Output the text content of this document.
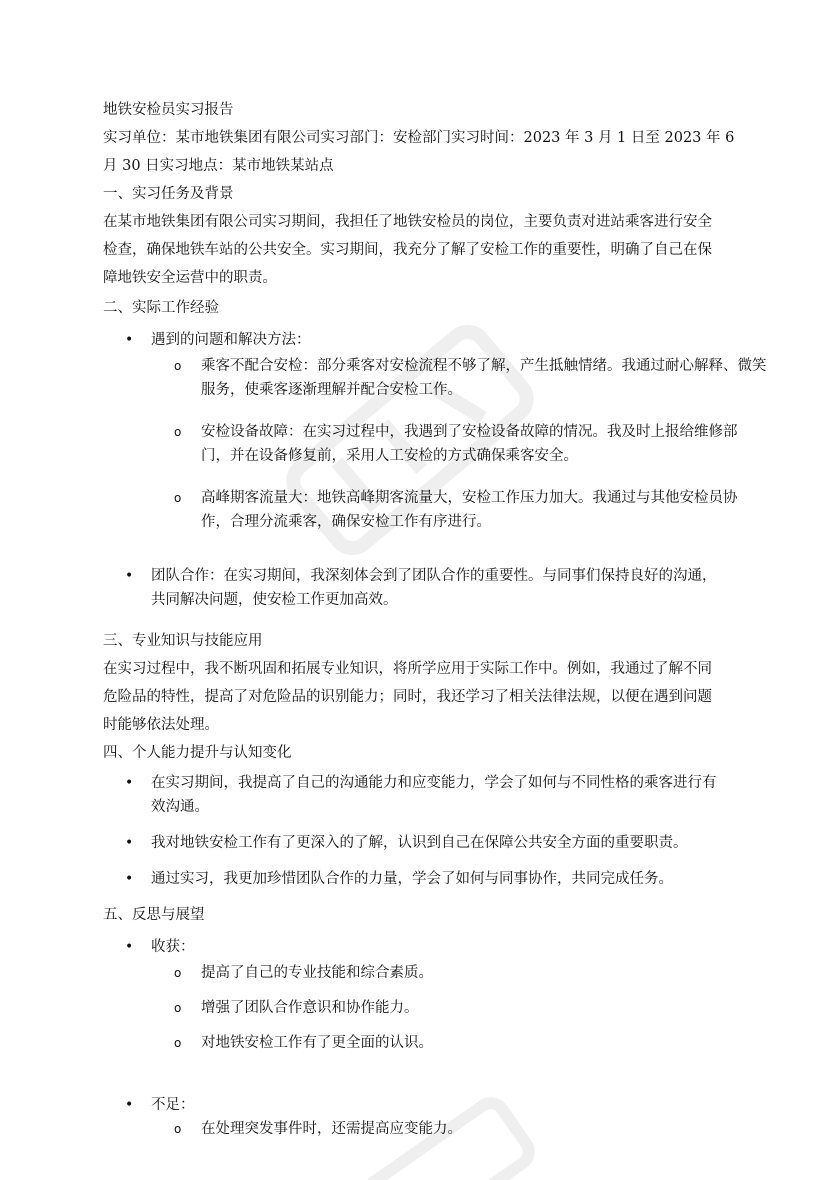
地铁安检员实习报告

实习单位：某市地铁集团有限公司实习部门：安检部门实习时间：2023 年 3 月 1 日至 2023 年 6

月 30 日实习地点：某市地铁某站点

一、实习任务及背景

在某市地铁集团有限公司实习期间，我担任了地铁安检员的岗位，主要负责对进站乘客进行安全检查，确保地铁车站的公共安全。实习期间，我充分了解了安检工作的重要性，明确了自己在保障地铁安全运营中的职责。

二、实际工作经验

• 遇到的问题和解决方法：
o 乘客不配合安检：部分乘客对安检流程不够了解，产生抵触情绪。我通过耐心解释、微笑服务，使乘客逐渐理解并配合安检工作。
o 安检设备故障：在实习过程中，我遇到了安检设备故障的情况。我及时上报给维修部门，并在设备修复前，采用人工安检的方式确保乘客安全。
o 高峰期客流量大：地铁高峰期客流量大，安检工作压力加大。我通过与其他安检员协作，合理分流乘客，确保安检工作有序进行。
• 团队合作：在实习期间，我深刻体会到了团队合作的重要性。与同事们保持良好的沟通，共同解决问题，使安检工作更加高效。

三、专业知识与技能应用

在实习过程中，我不断巩固和拓展专业知识，将所学应用于实际工作中。例如，我通过了解不同危险品的特性，提高了对危险品的识别能力；同时，我还学习了相关法律法规，以便在遇到问题时能够依法处理。

四、个人能力提升与认知变化

• 在实习期间，我提高了自己的沟通能力和应变能力，学会了如何与不同性格的乘客进行有效沟通。
• 我对地铁安检工作有了更深入的了解，认识到自己在保障公共安全方面的重要职责。
• 通过实习，我更加珍惜团队合作的力量，学会了如何与同事协作，共同完成任务。

五、反思与展望

• 收获：
o 提高了自己的专业技能和综合素质。
o 增强了团队合作意识和协作能力。
o 对地铁安检工作有了更全面的认识。
• 不足：
o 在处理突发事件时，还需提高应变能力。
